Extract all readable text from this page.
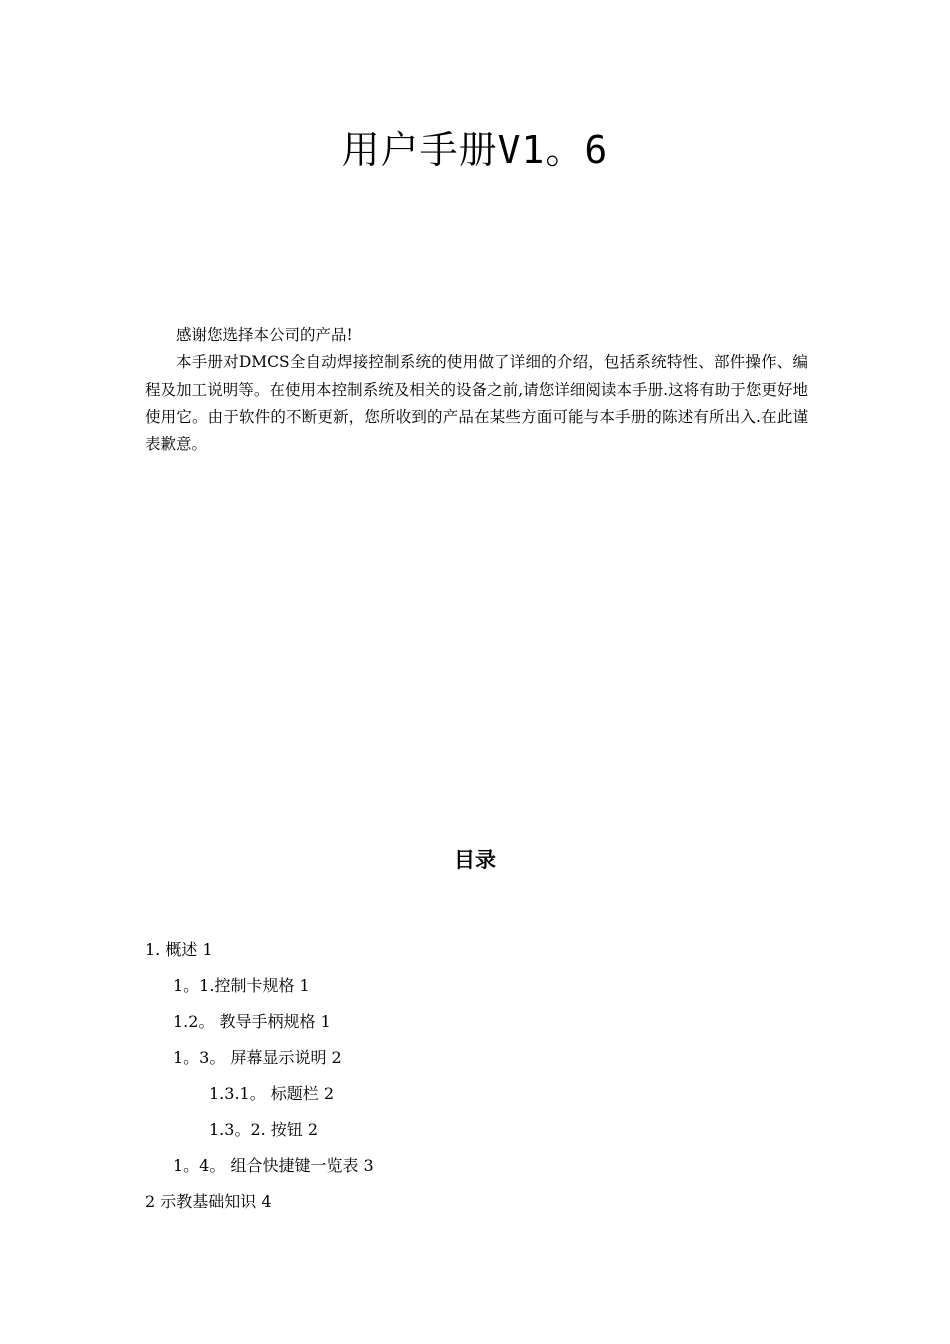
用户手册V1。6

感谢您选择本公司的产品!

本手册对DMCS全自动焊接控制系统的使用做了详细的介绍，包括系统特性、部件操作、编程及加工说明等。在使用本控制系统及相关的设备之前,请您详细阅读本手册.这将有助于您更好地使用它。由于软件的不断更新，您所收到的产品在某些方面可能与本手册的陈述有所出入.在此谨表歉意。

目录
1. 概述 1
1。1.控制卡规格 1
1.2。 教导手柄规格 1
1。3。 屏幕显示说明 2
1.3.1。 标题栏 2
1.3。2. 按钮 2
1。4。 组合快捷键一览表 3
2 示教基础知识 4
